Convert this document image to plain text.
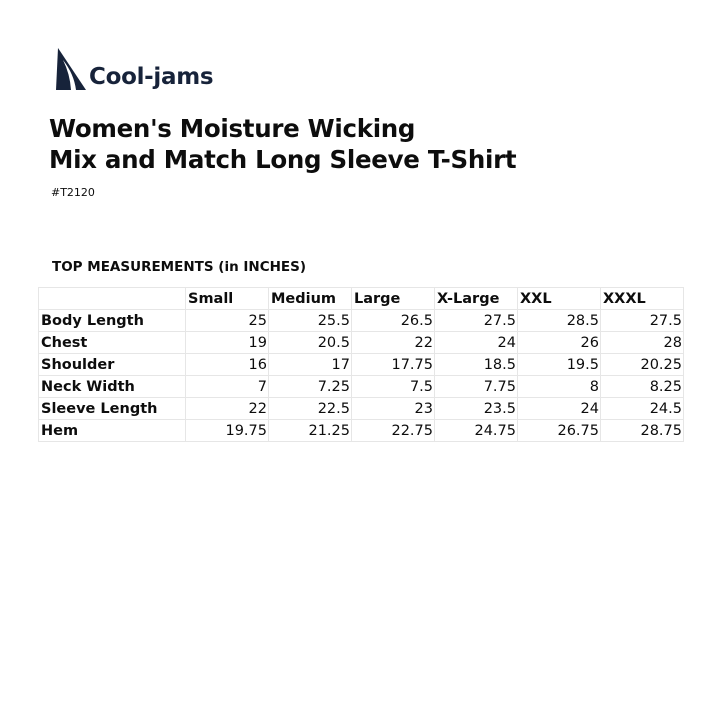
Cool-jams
Women's Moisture Wicking
Mix and Match Long Sleeve T-Shirt
#T2120
TOP MEASUREMENTS (in INCHES)
	Small	Medium	Large	X-Large	XXL	XXXL
Body Length	25	25.5	26.5	27.5	28.5	27.5
Chest	19	20.5	22	24	26	28
Shoulder	16	17	17.75	18.5	19.5	20.25
Neck Width	7	7.25	7.5	7.75	8	8.25
Sleeve Length	22	22.5	23	23.5	24	24.5
Hem	19.75	21.25	22.75	24.75	26.75	28.75
